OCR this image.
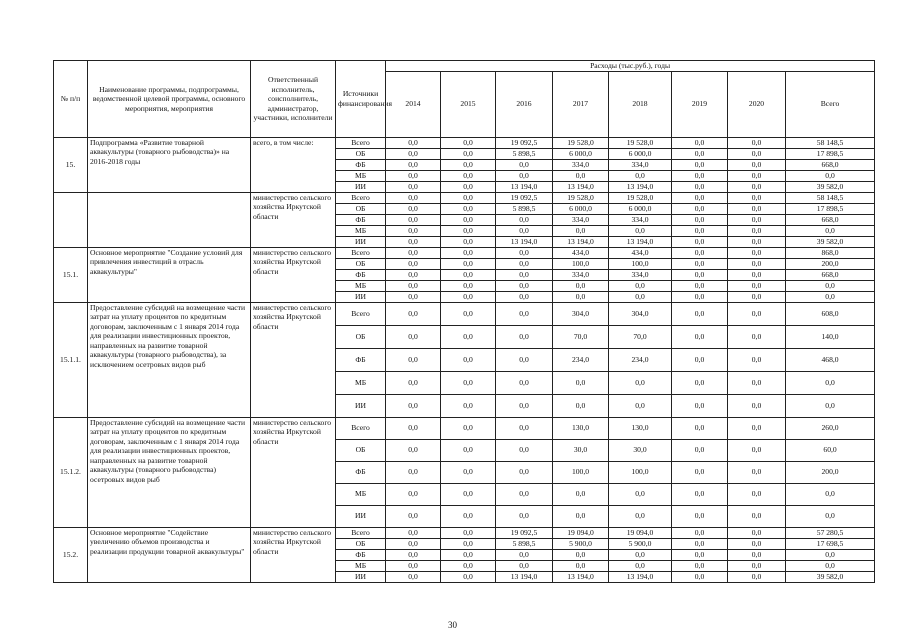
№ п/п	Наименование программы, подпрограммы, ведомственной целевой программы, основного мероприятия, мероприятия	Ответственный исполнитель, соисполнитель, администратор, участники, исполнители	Источники финансирования	Расходы (тыс.руб.), годы							
				2014	2015	2016	2017	2018	2019	2020	Всего
15.	Подпрограмма «Развитие товарной аквакультуры (товарного рыбоводства)» на 2016-2018 годы	всего, в том числе:	Всего	0,0	0,0	19 092,5	19 528,0	19 528,0	0,0	0,0	58 148,5
			ОБ	0,0	0,0	5 898,5	6 000,0	6 000,0	0,0	0,0	17 898,5
			ФБ	0,0	0,0	0,0	334,0	334,0	0,0	0,0	668,0
			МБ	0,0	0,0	0,0	0,0	0,0	0,0	0,0	0,0
			ИИ	0,0	0,0	13 194,0	13 194,0	13 194,0	0,0	0,0	39 582,0
		министерство сельского хозяйства Иркутской области	Всего	0,0	0,0	19 092,5	19 528,0	19 528,0	0,0	0,0	58 148,5
			ОБ	0,0	0,0	5 898,5	6 000,0	6 000,0	0,0	0,0	17 898,5
			ФБ	0,0	0,0	0,0	334,0	334,0	0,0	0,0	668,0
			МБ	0,0	0,0	0,0	0,0	0,0	0,0	0,0	0,0
			ИИ	0,0	0,0	13 194,0	13 194,0	13 194,0	0,0	0,0	39 582,0
15.1.	Основное мероприятие "Создание условий для привлечения инвестиций в отрасль аквакультуры"	министерство сельского хозяйства Иркутской области	Всего	0,0	0,0	0,0	434,0	434,0	0,0	0,0	868,0
			ОБ	0,0	0,0	0,0	100,0	100,0	0,0	0,0	200,0
			ФБ	0,0	0,0	0,0	334,0	334,0	0,0	0,0	668,0
			МБ	0,0	0,0	0,0	0,0	0,0	0,0	0,0	0,0
			ИИ	0,0	0,0	0,0	0,0	0,0	0,0	0,0	0,0
15.1.1.	Предоставление субсидий на возмещение части затрат на уплату процентов по кредитным договорам, заключенным с 1 января 2014 года для реализации инвестиционных проектов, направленных на развитие товарной аквакультуры (товарного рыбоводства), за исключением осетровых видов рыб	министерство сельского хозяйства Иркутской области	Всего	0,0	0,0	0,0	304,0	304,0	0,0	0,0	608,0
			ОБ	0,0	0,0	0,0	70,0	70,0	0,0	0,0	140,0
			ФБ	0,0	0,0	0,0	234,0	234,0	0,0	0,0	468,0
			МБ	0,0	0,0	0,0	0,0	0,0	0,0	0,0	0,0
			ИИ	0,0	0,0	0,0	0,0	0,0	0,0	0,0	0,0
15.1.2.	Предоставление субсидий на возмещение части затрат на уплату процентов по кредитным договорам, заключенным с 1 января 2014 года для реализации инвестиционных проектов, направленных на развитие товарной аквакультуры (товарного рыбоводства) осетровых видов рыб	министерство сельского хозяйства Иркутской области	Всего	0,0	0,0	0,0	130,0	130,0	0,0	0,0	260,0
			ОБ	0,0	0,0	0,0	30,0	30,0	0,0	0,0	60,0
			ФБ	0,0	0,0	0,0	100,0	100,0	0,0	0,0	200,0
			МБ	0,0	0,0	0,0	0,0	0,0	0,0	0,0	0,0
			ИИ	0,0	0,0	0,0	0,0	0,0	0,0	0,0	0,0
15.2.	Основное мероприятие "Содействие увеличению объемов производства и реализации продукции товарной аквакультуры"	министерство сельского хозяйства Иркутской области	Всего	0,0	0,0	19 092,5	19 094,0	19 094,0	0,0	0,0	57 280,5
			ОБ	0,0	0,0	5 898,5	5 900,0	5 900,0	0,0	0,0	17 698,5
			ФБ	0,0	0,0	0,0	0,0	0,0	0,0	0,0	0,0
			МБ	0,0	0,0	0,0	0,0	0,0	0,0	0,0	0,0
			ИИ	0,0	0,0	13 194,0	13 194,0	13 194,0	0,0	0,0	39 582,0
30
